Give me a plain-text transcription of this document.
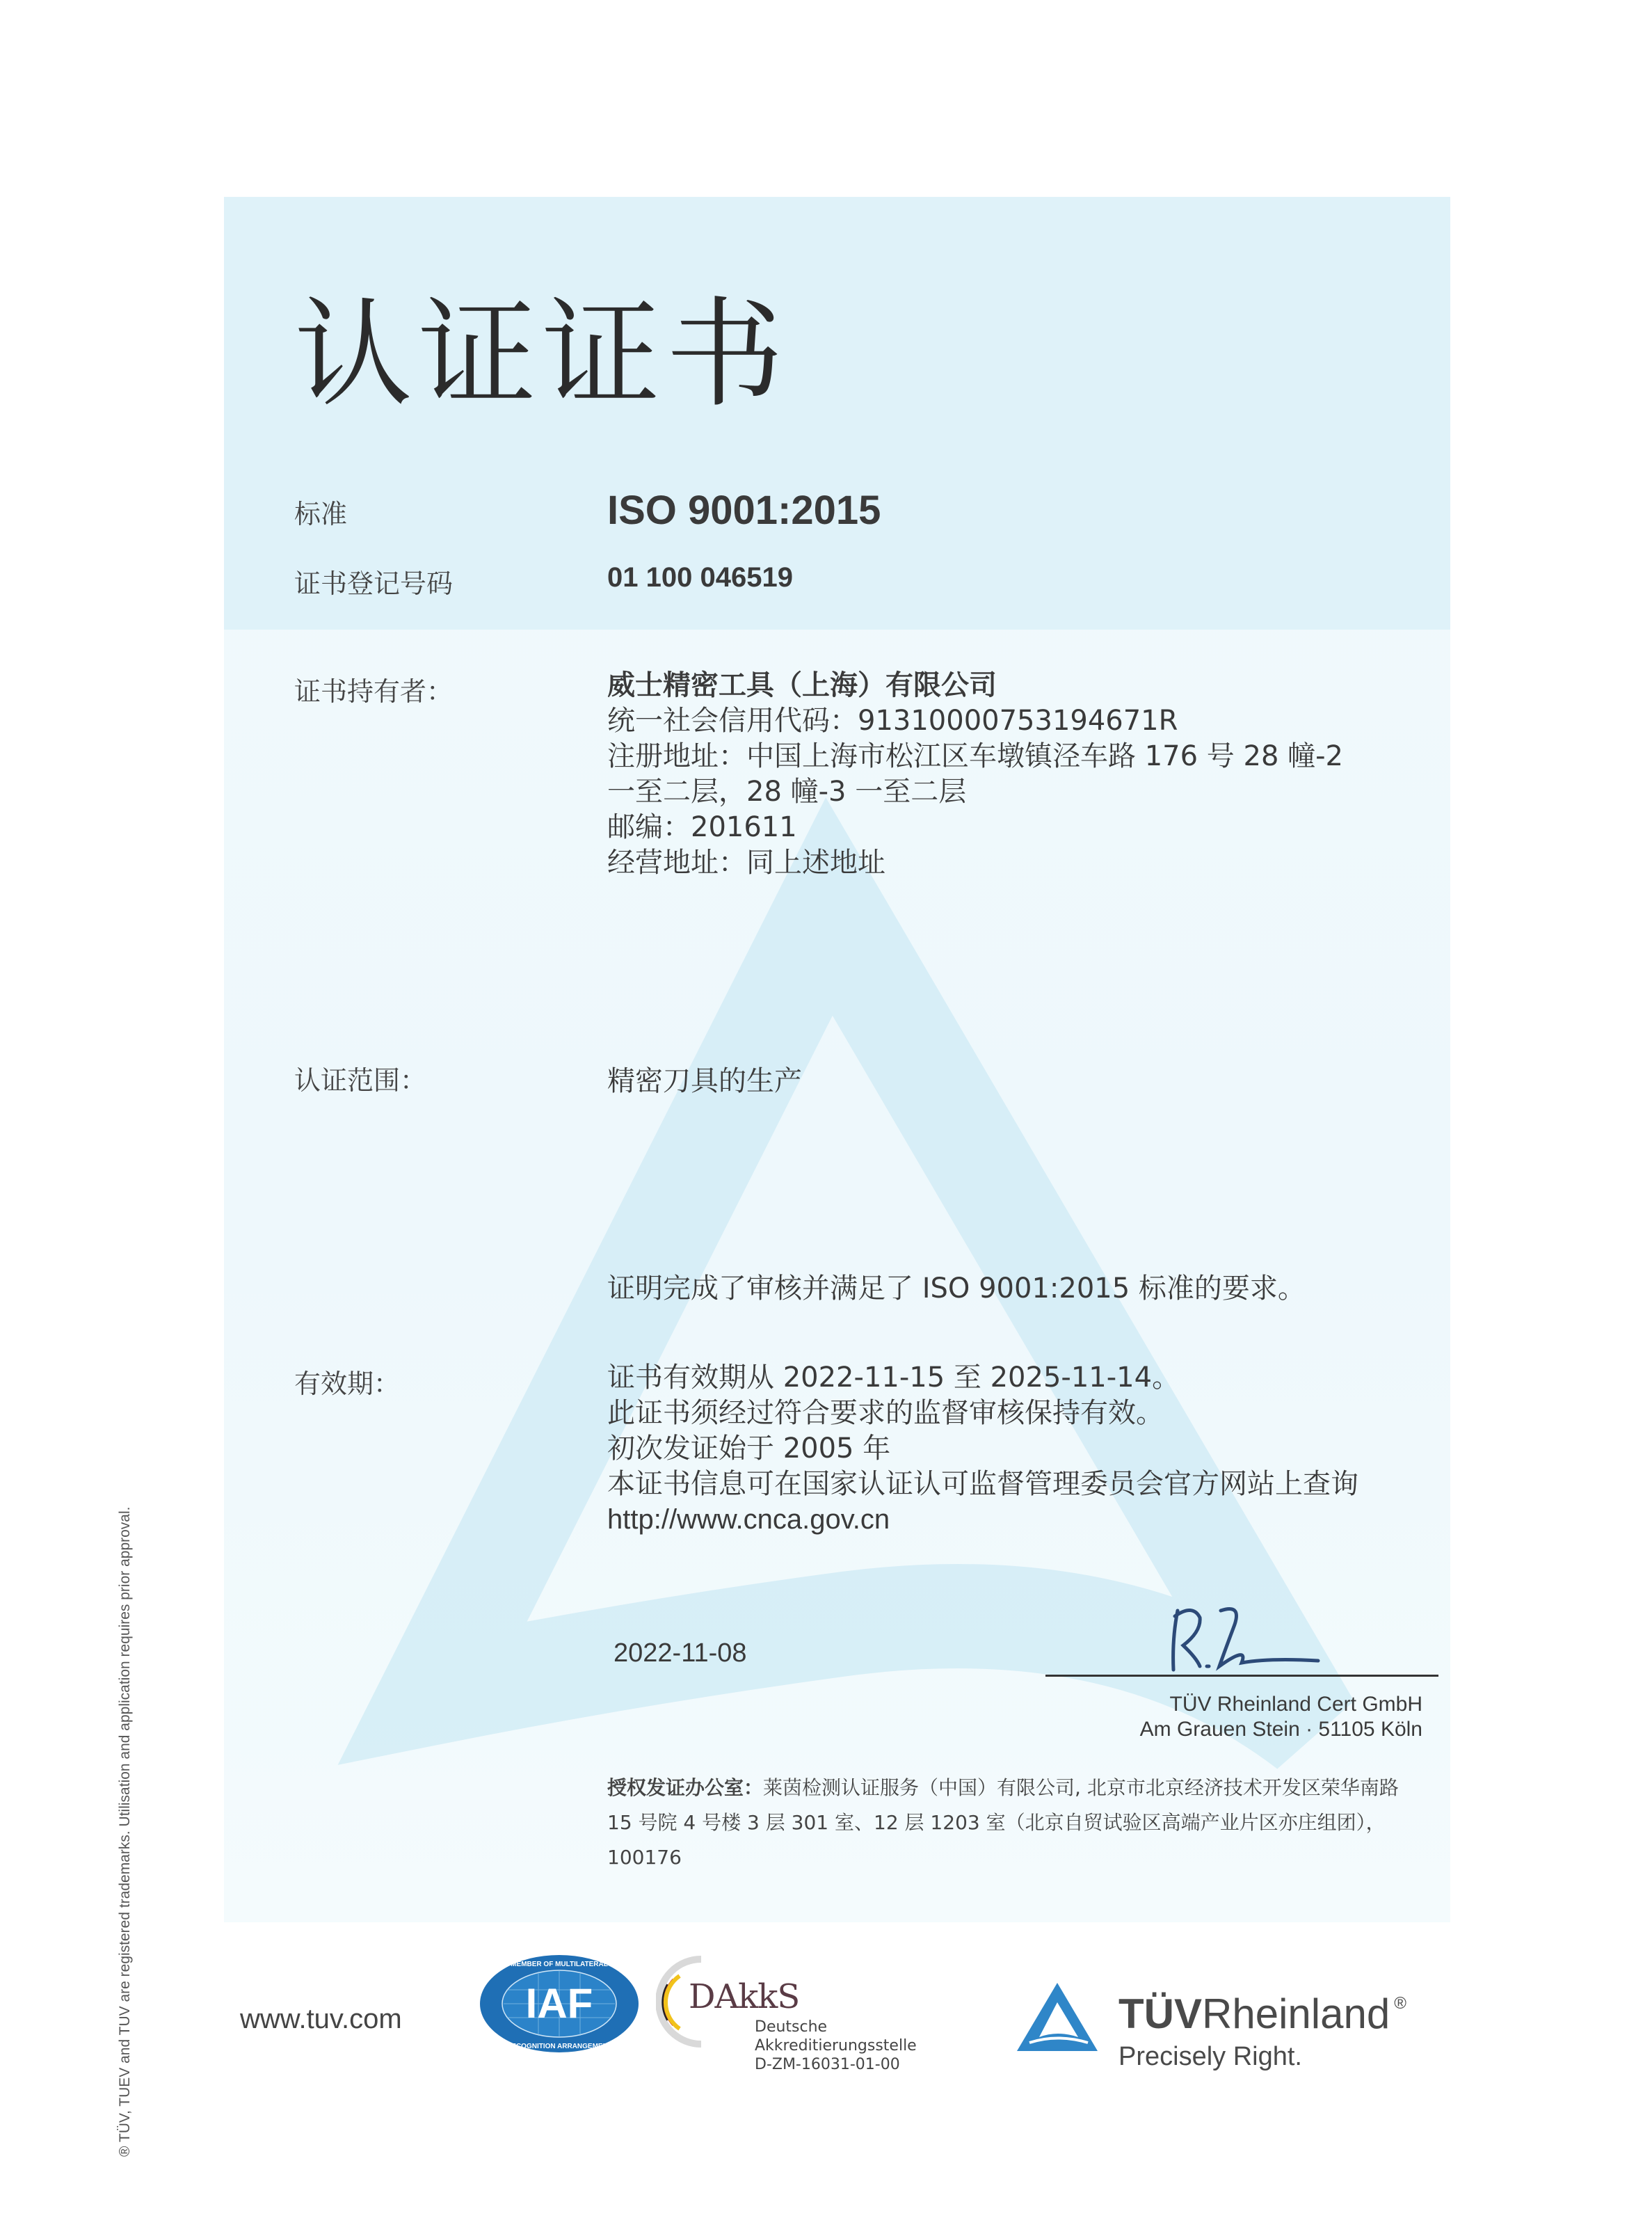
认证证书
标准	ISO 9001:2015
证书登记号码	01 100 046519
证书持有者：	威士精密工具（上海）有限公司
统一社会信用代码：91310000753194671R
注册地址：中国上海市松江区车墩镇泾车路 176 号 28 幢-2
一至二层，28 幢-3 一至二层
邮编：201611
经营地址：同上述地址
认证范围：	精密刀具的生产
证明完成了审核并满足了 ISO 9001:2015 标准的要求。
有效期：	证书有效期从 2022-11-15 至 2025-11-14。
此证书须经过符合要求的监督审核保持有效。
初次发证始于 2005 年
本证书信息可在国家认证认可监督管理委员会官方网站上查询
http://www.cnca.gov.cn
2022-11-08
TÜV Rheinland Cert GmbH
Am Grauen Stein · 51105 Köln
授权发证办公室：莱茵检测认证服务（中国）有限公司, 北京市北京经济技术开发区荣华南路
15 号院 4 号楼 3 层 301 室、12 层 1203 室（北京自贸试验区高端产业片区亦庄组团），
100176
® TÜV, TUEV and TUV are registered trademarks. Utilisation and application requires prior approval.	www.tuv.com	IAF
MEMBER OF MULTILATERAL
RECOGNITION ARRANGEMENT
DAkkS
Deutsche
Akkreditierungsstelle
D-ZM-16031-01-00
TÜVRheinland ®
Precisely Right.
